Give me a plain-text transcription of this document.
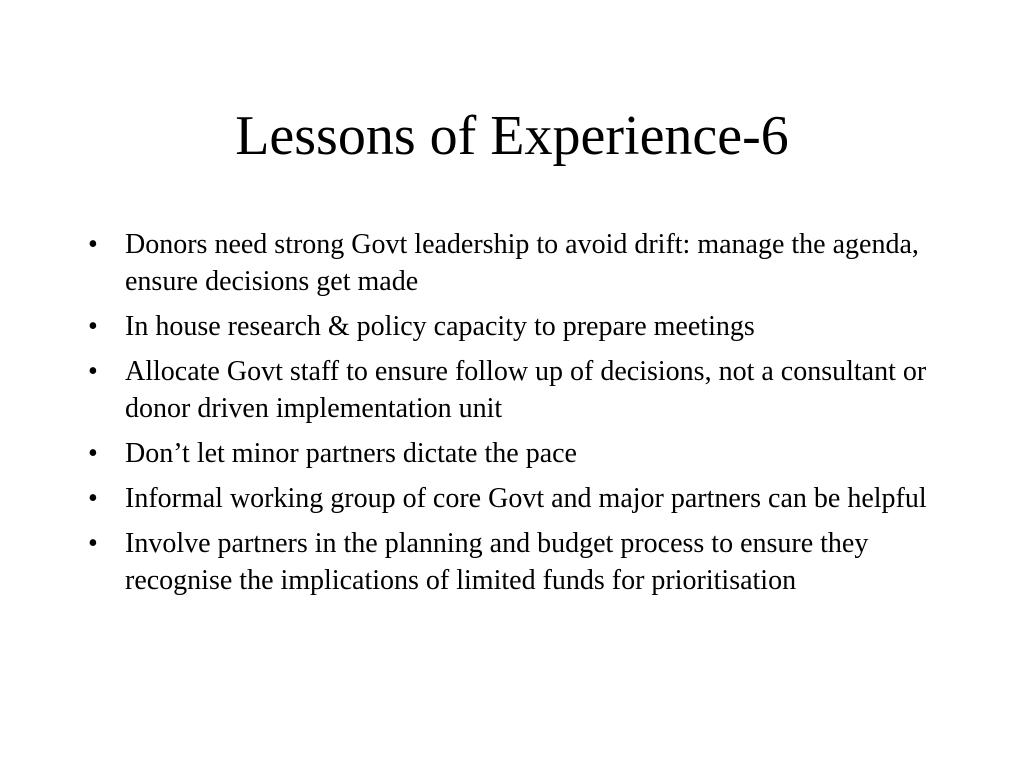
Lessons of Experience-6
• Donors need strong Govt leadership to avoid drift: manage the agenda, ensure decisions get made
• In house research & policy capacity to prepare meetings
• Allocate Govt staff to ensure follow up of decisions, not a consultant or donor driven implementation unit
• Don’t let minor partners dictate the pace
• Informal working group of core Govt and major partners can be helpful
• Involve partners in the planning and budget process to ensure they recognise the implications of limited funds for prioritisation
